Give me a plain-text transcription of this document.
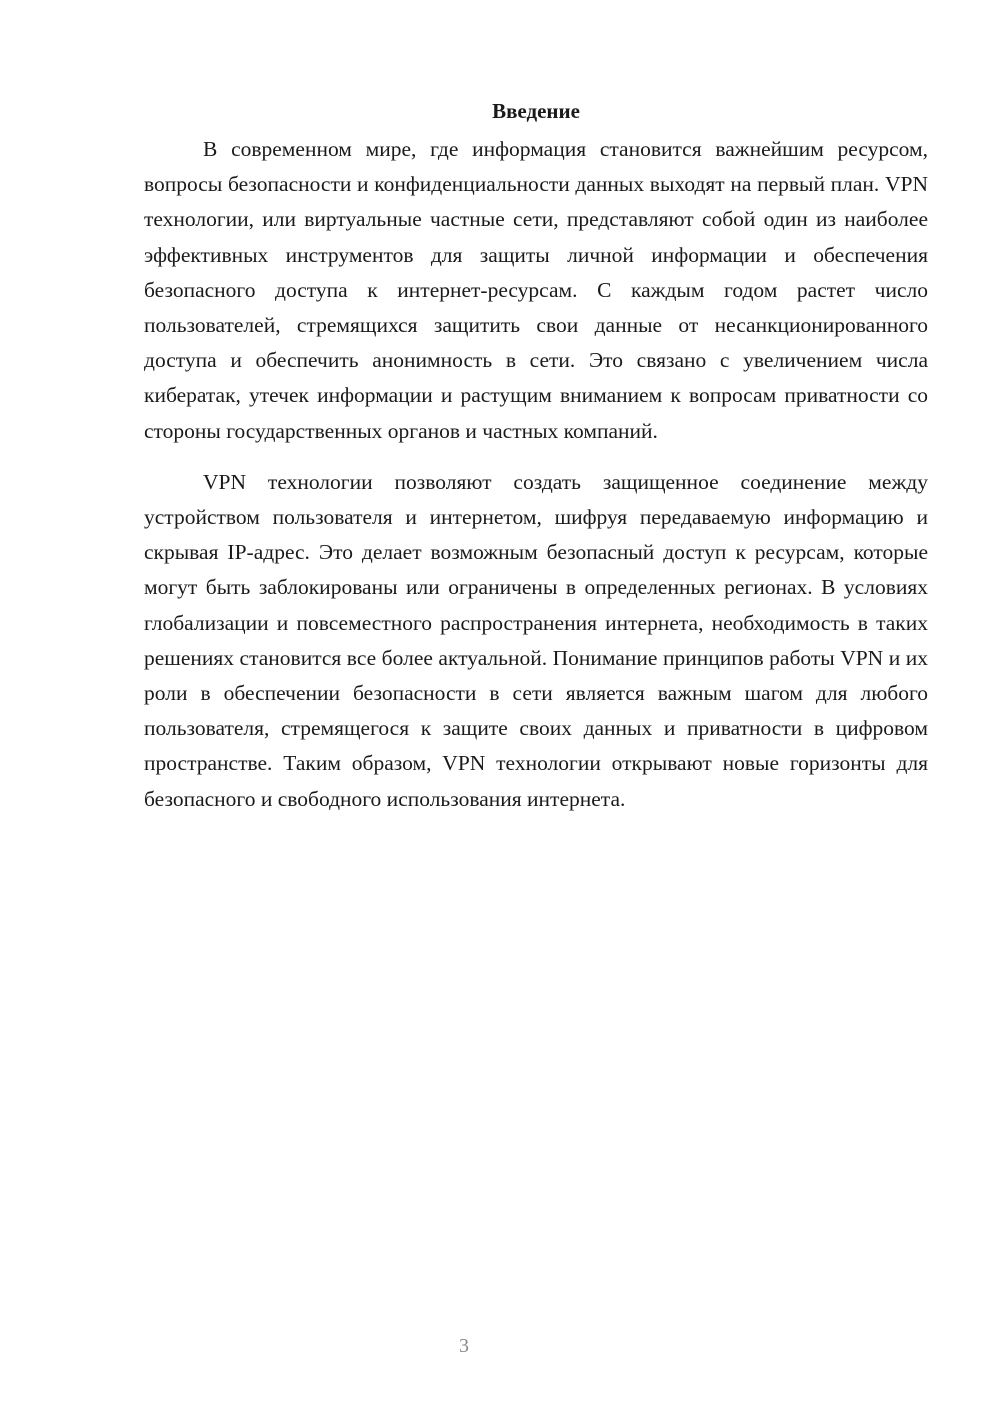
Введение

В современном мире, где информация становится важнейшим ресурсом, вопросы безопасности и конфиденциальности данных выходят на первый план. VPN технологии, или виртуальные частные сети, представляют собой один из наиболее эффективных инструментов для защиты личной информации и обеспечения безопасного доступа к интернет-ресурсам. С каждым годом растет число пользователей, стремящихся защитить свои данные от несанкционированного доступа и обеспечить анонимность в сети. Это связано с увеличением числа кибератак, утечек информации и растущим вниманием к вопросам приватности со стороны государственных органов и частных компаний.

VPN технологии позволяют создать защищенное соединение между устройством пользователя и интернетом, шифруя передаваемую информацию и скрывая IP-адрес. Это делает возможным безопасный доступ к ресурсам, которые могут быть заблокированы или ограничены в определенных регионах. В условиях глобализации и повсеместного распространения интернета, необходимость в таких решениях становится все более актуальной. Понимание принципов работы VPN и их роли в обеспечении безопасности в сети является важным шагом для любого пользователя, стремящегося к защите своих данных и приватности в цифровом пространстве. Таким образом, VPN технологии открывают новые горизонты для безопасного и свободного использования интернета.

3
